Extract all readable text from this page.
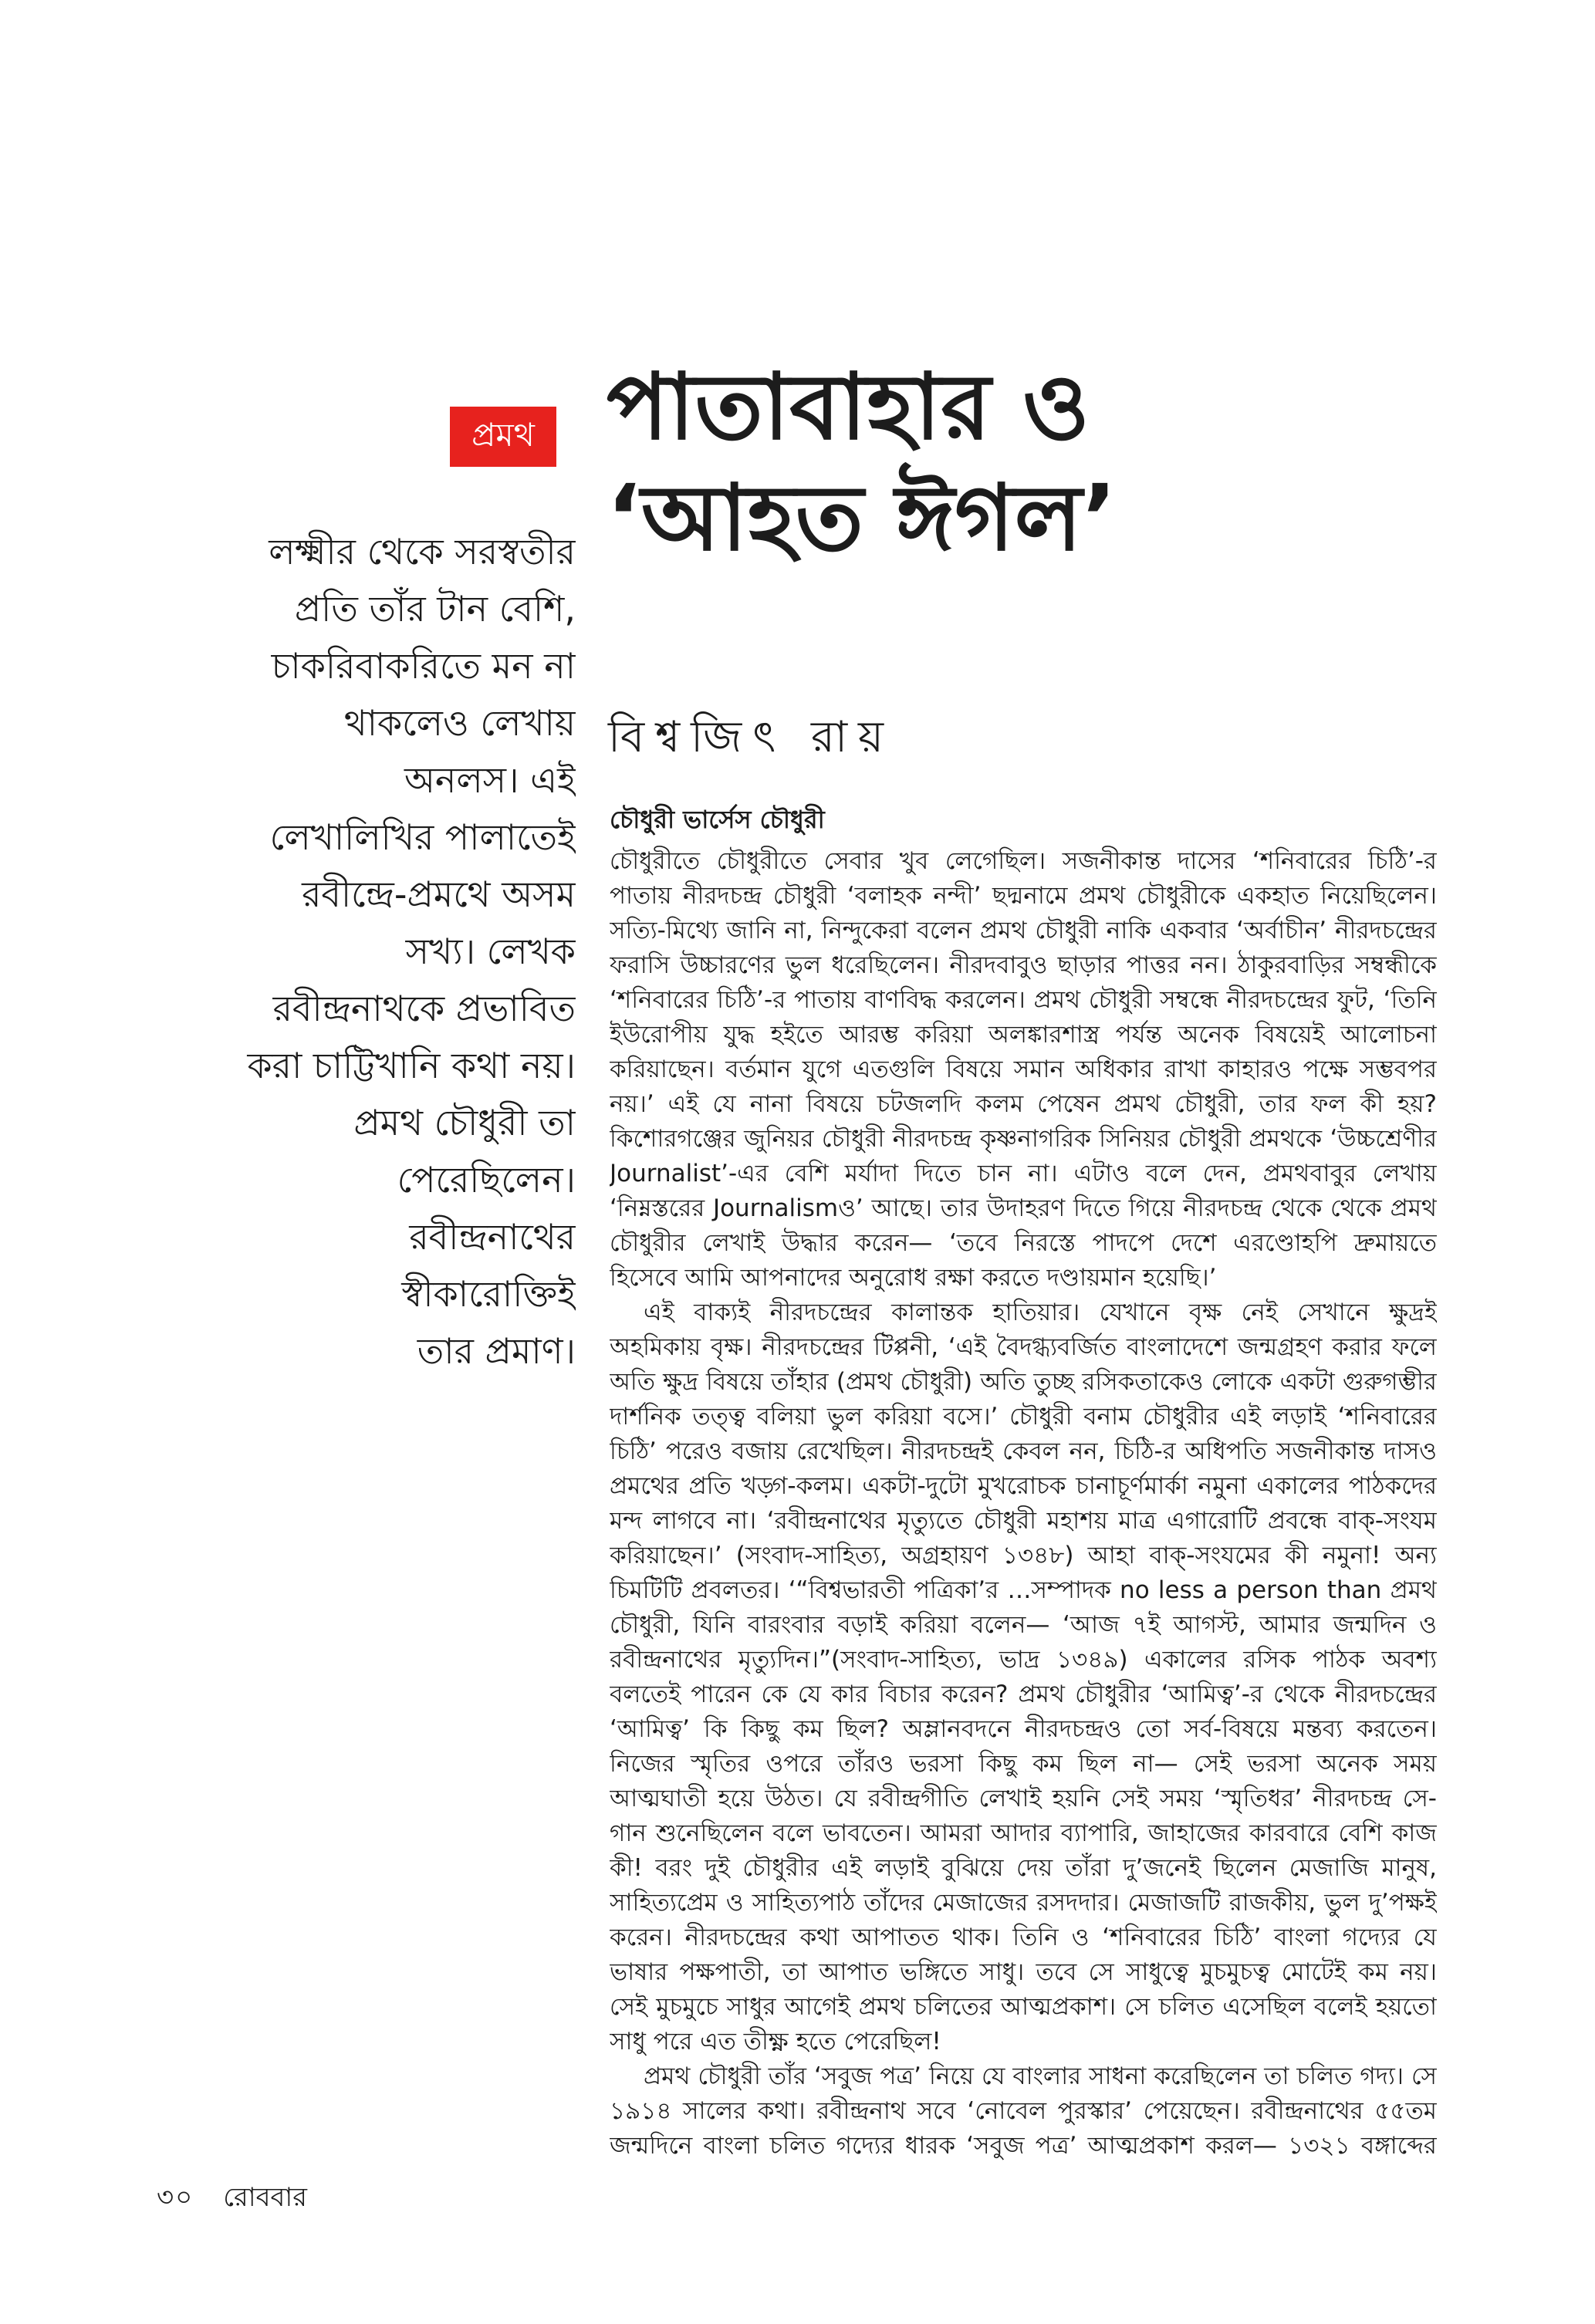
প্রমথ পাতাবাহার ও
‘আহত ঈগল’
বিশ্বজিৎ রায়
লক্ষ্মীর থেকে সরস্বতীর
প্রতি তাঁর টান বেশি,
চাকরিবাকরিতে মন না
থাকলেও লেখায়
অনলস। এই
লেখালিখির পালাতেই
রবীন্দ্রে-প্রমথে অসম
সখ্য। লেখক
রবীন্দ্রনাথকে প্রভাবিত
করা চাট্টিখানি কথা নয়।
প্রমথ চৌধুরী তা
পেরেছিলেন।
রবীন্দ্রনাথের
স্বীকারোক্তিই
তার প্রমাণ।
চৌধুরী ভার্সেস চৌধুরী
চৌধুরীতে চৌধুরীতে সেবার খুব লেগেছিল। সজনীকান্ত দাসের ‘শনিবারের চিঠি’-র
পাতায় নীরদচন্দ্র চৌধুরী ‘বলাহক নন্দী’ ছদ্মনামে প্রমথ চৌধুরীকে একহাত নিয়েছিলেন।
সত্যি-মিথ্যে জানি না, নিন্দুকেরা বলেন প্রমথ চৌধুরী নাকি একবার ‘অর্বাচীন’ নীরদচন্দ্রের
ফরাসি উচ্চারণের ভুল ধরেছিলেন। নীরদবাবুও ছাড়ার পাত্তর নন। ঠাকুরবাড়ির সম্বন্ধীকে
‘শনিবারের চিঠি’-র পাতায় বাণবিদ্ধ করলেন। প্রমথ চৌধুরী সম্বন্ধে নীরদচন্দ্রের ফুট, ‘তিনি
ইউরোপীয় যুদ্ধ হইতে আরম্ভ করিয়া অলঙ্কারশাস্ত্র পর্যন্ত অনেক বিষয়েই আলোচনা
করিয়াছেন। বর্তমান যুগে এতগুলি বিষয়ে সমান অধিকার রাখা কাহারও পক্ষে সম্ভবপর
নয়।’ এই যে নানা বিষয়ে চটজলদি কলম পেষেন প্রমথ চৌধুরী, তার ফল কী হয়?
কিশোরগঞ্জের জুনিয়র চৌধুরী নীরদচন্দ্র কৃষ্ণনাগরিক সিনিয়র চৌধুরী প্রমথকে ‘উচ্চশ্রেণীর
Journalist’-এর বেশি মর্যাদা দিতে চান না। এটাও বলে দেন, প্রমথবাবুর লেখায়
‘নিম্নস্তরের Journalismও’ আছে। তার উদাহরণ দিতে গিয়ে নীরদচন্দ্র থেকে থেকে প্রমথ
চৌধুরীর লেখাই উদ্ধার করেন— ‘তবে নিরস্তে পাদপে দেশে এরণ্ডোহপি দ্রুমায়তে
হিসেবে আমি আপনাদের অনুরোধ রক্ষা করতে দণ্ডায়মান হয়েছি।’
এই বাক্যই নীরদচন্দ্রের কালান্তক হাতিয়ার। যেখানে বৃক্ষ নেই সেখানে ক্ষুদ্রই
অহমিকায় বৃক্ষ। নীরদচন্দ্রের টিপ্পনী, ‘এই বৈদগ্ধ্যবর্জিত বাংলাদেশে জন্মগ্রহণ করার ফলে
অতি ক্ষুদ্র বিষয়ে তাঁহার (প্রমথ চৌধুরী) অতি তুচ্ছ রসিকতাকেও লোকে একটা গুরুগম্ভীর
দার্শনিক তত্ত্ব বলিয়া ভুল করিয়া বসে।’ চৌধুরী বনাম চৌধুরীর এই লড়াই ‘শনিবারের
চিঠি’ পরেও বজায় রেখেছিল। নীরদচন্দ্রই কেবল নন, চিঠি-র অধিপতি সজনীকান্ত দাসও
প্রমথের প্রতি খড়্গ-কলম। একটা-দুটো মুখরোচক চানাচূর্ণমার্কা নমুনা একালের পাঠকদের
মন্দ লাগবে না। ‘রবীন্দ্রনাথের মৃত্যুতে চৌধুরী মহাশয় মাত্র এগারোটি প্রবন্ধে বাক্-সংযম
করিয়াছেন।’ (সংবাদ-সাহিত্য, অগ্রহায়ণ ১৩৪৮) আহা বাক্-সংযমের কী নমুনা! অন্য
চিমটিটি প্রবলতর। ‘“বিশ্বভারতী পত্রিকা’র …সম্পাদক no less a person than প্রমথ
চৌধুরী, যিনি বারংবার বড়াই করিয়া বলেন— ‘আজ ৭ই আগস্ট, আমার জন্মদিন ও
রবীন্দ্রনাথের মৃত্যুদিন।”(সংবাদ-সাহিত্য, ভাদ্র ১৩৪৯) একালের রসিক পাঠক অবশ্য
বলতেই পারেন কে যে কার বিচার করেন? প্রমথ চৌধুরীর ‘আমিত্ব’-র থেকে নীরদচন্দ্রের
‘আমিত্ব’ কি কিছু কম ছিল? অম্লানবদনে নীরদচন্দ্রও তো সর্ব-বিষয়ে মন্তব্য করতেন।
নিজের স্মৃতির ওপরে তাঁরও ভরসা কিছু কম ছিল না— সেই ভরসা অনেক সময়
আত্মঘাতী হয়ে উঠত। যে রবীন্দ্রগীতি লেখাই হয়নি সেই সময় ‘স্মৃতিধর’ নীরদচন্দ্র সে-
গান শুনেছিলেন বলে ভাবতেন। আমরা আদার ব্যাপারি, জাহাজের কারবারে বেশি কাজ
কী! বরং দুই চৌধুরীর এই লড়াই বুঝিয়ে দেয় তাঁরা দু’জনেই ছিলেন মেজাজি মানুষ,
সাহিত্যপ্রেম ও সাহিত্যপাঠ তাঁদের মেজাজের রসদদার। মেজাজটি রাজকীয়, ভুল দু’পক্ষই
করেন। নীরদচন্দ্রের কথা আপাতত থাক। তিনি ও ‘শনিবারের চিঠি’ বাংলা গদ্যের যে
ভাষার পক্ষপাতী, তা আপাত ভঙ্গিতে সাধু। তবে সে সাধুত্বে মুচমুচত্ব মোটেই কম নয়।
সেই মুচমুচে সাধুর আগেই প্রমথ চলিতের আত্মপ্রকাশ। সে চলিত এসেছিল বলেই হয়তো
সাধু পরে এত তীক্ষ্ণ হতে পেরেছিল!
প্রমথ চৌধুরী তাঁর ‘সবুজ পত্র’ নিয়ে যে বাংলার সাধনা করেছিলেন তা চলিত গদ্য। সে
১৯১৪ সালের কথা। রবীন্দ্রনাথ সবে ‘নোবেল পুরস্কার’ পেয়েছেন। রবীন্দ্রনাথের ৫৫তম
জন্মদিনে বাংলা চলিত গদ্যের ধারক ‘সবুজ পত্র’ আত্মপ্রকাশ করল— ১৩২১ বঙ্গাব্দের
৩০ রোববার
